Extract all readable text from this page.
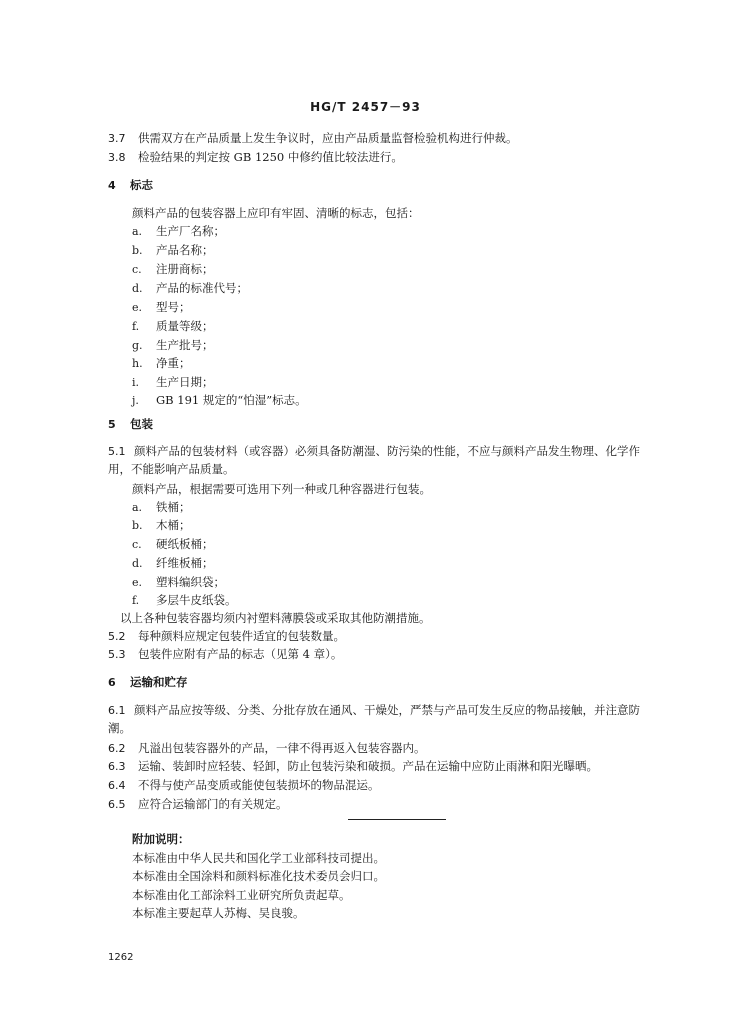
HG/T 2457－93
3.7 供需双方在产品质量上发生争议时，应由产品质量监督检验机构进行仲裁。
3.8 检验结果的判定按 GB 1250 中修约值比较法进行。
4 标志
颜料产品的包装容器上应印有牢固、清晰的标志，包括：
a. 生产厂名称；
b. 产品名称；
c. 注册商标；
d. 产品的标准代号；
e. 型号；
f. 质量等级；
g. 生产批号；
h. 净重；
i. 生产日期；
j. GB 191 规定的“怕湿”标志。
5 包装
5.1 颜料产品的包装材料（或容器）必须具备防潮湿、防污染的性能，不应与颜料产品发生物理、化学作
用，不能影响产品质量。
颜料产品，根据需要可选用下列一种或几种容器进行包装。
a. 铁桶；
b. 木桶；
c. 硬纸板桶；
d. 纤维板桶；
e. 塑料编织袋；
f. 多层牛皮纸袋。
以上各种包装容器均须内衬塑料薄膜袋或采取其他防潮措施。
5.2 每种颜料应规定包装件适宜的包装数量。
5.3 包装件应附有产品的标志（见第 4 章）。
6 运输和贮存
6.1 颜料产品应按等级、分类、分批存放在通风、干燥处，严禁与产品可发生反应的物品接触，并注意防
潮。
6.2 凡溢出包装容器外的产品，一律不得再返入包装容器内。
6.3 运输、装卸时应轻装、轻卸，防止包装污染和破损。产品在运输中应防止雨淋和阳光曝晒。
6.4 不得与使产品变质或能使包装损坏的物品混运。
6.5 应符合运输部门的有关规定。
附加说明：
本标准由中华人民共和国化学工业部科技司提出。
本标准由全国涂料和颜料标准化技术委员会归口。
本标准由化工部涂料工业研究所负责起草。
本标准主要起草人苏梅、吴良骏。
1262
